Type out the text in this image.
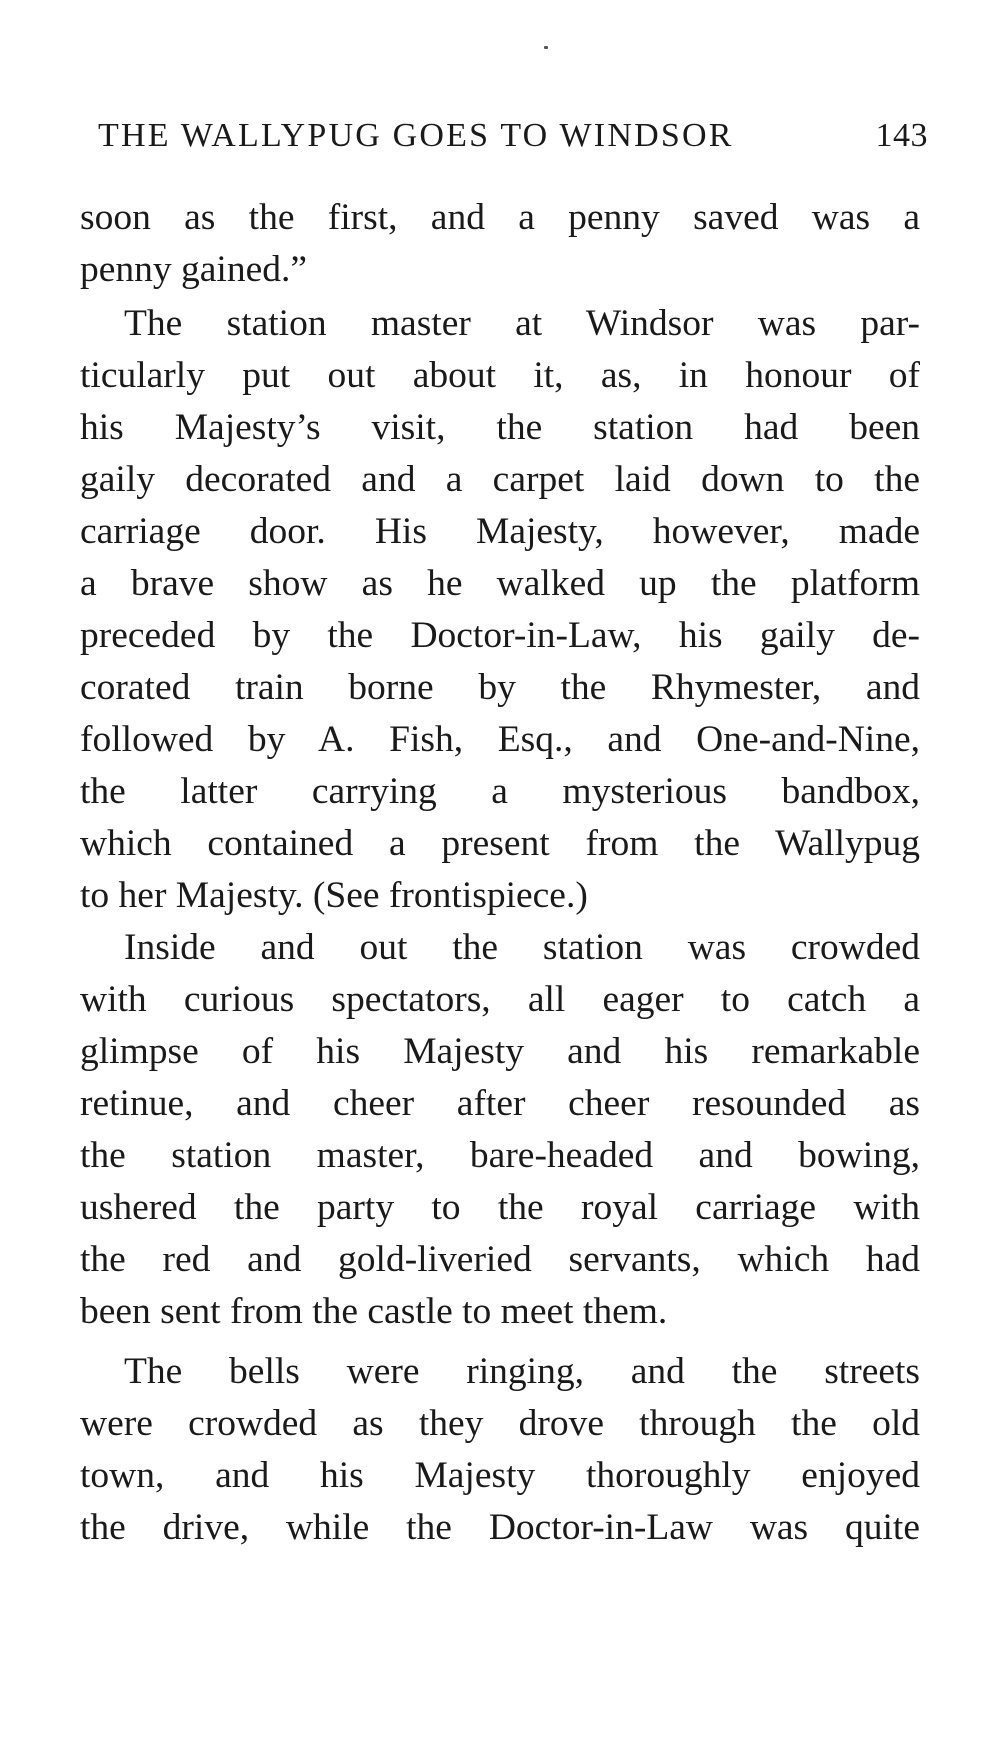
THE WALLYPUG GOES TO WINDSOR	143

soon as the first, and a penny saved was a
penny gained.”

The station master at Windsor was par-
ticularly put out about it, as, in honour of
his Majesty’s visit, the station had been
gaily decorated and a carpet laid down to the
carriage door. His Majesty, however, made
a brave show as he walked up the platform
preceded by the Doctor-in-Law, his gaily de-
corated train borne by the Rhymester, and
followed by A. Fish, Esq., and One-and-Nine,
the latter carrying a mysterious bandbox,
which contained a present from the Wallypug
to her Majesty. (See frontispiece.)

Inside and out the station was crowded
with curious spectators, all eager to catch a
glimpse of his Majesty and his remarkable
retinue, and cheer after cheer resounded as
the station master, bare-headed and bowing,
ushered the party to the royal carriage with
the red and gold-liveried servants, which had
been sent from the castle to meet them.

The bells were ringing, and the streets
were crowded as they drove through the old
town, and his Majesty thoroughly enjoyed
the drive, while the Doctor-in-Law was quite
